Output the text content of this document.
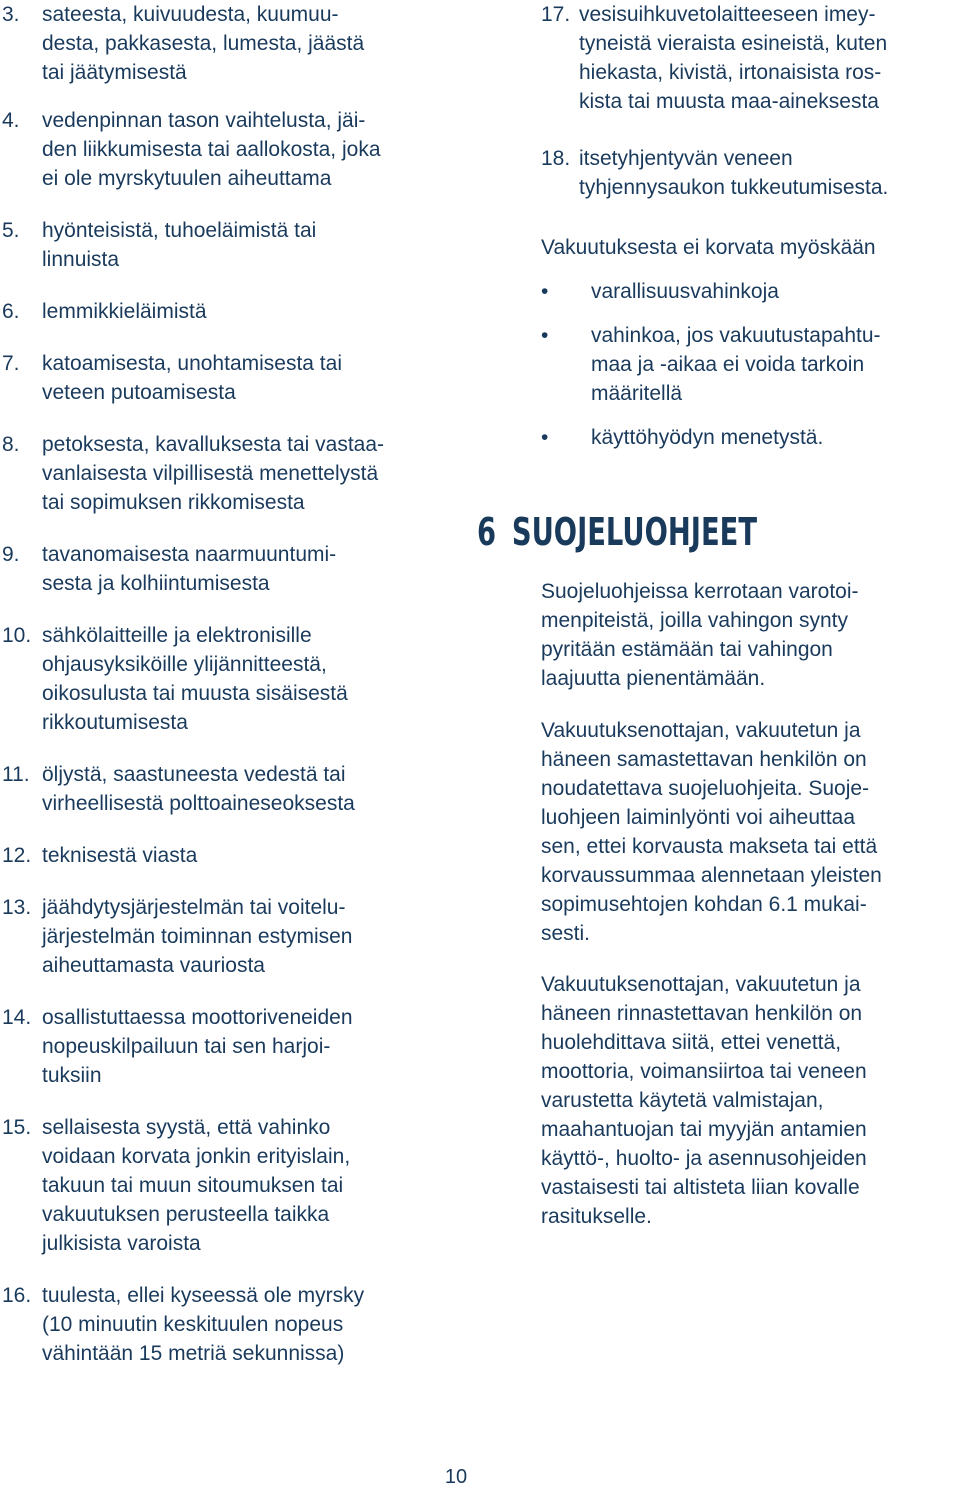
3. sateesta, kuivuudesta, kuumuu-
desta, pakkasesta, lumesta, jäästä
tai jäätymisestä
4. vedenpinnan tason vaihtelusta, jäi-
den liikkumisesta tai aallokosta, joka
ei ole myrskytuulen aiheuttama
5. hyönteisistä, tuhoeläimistä tai
linnuista
6. lemmikkieläimistä
7. katoamisesta, unohtamisesta tai
veteen putoamisesta
8. petoksesta, kavalluksesta tai vastaa-
vanlaisesta vilpillisestä menettelystä
tai sopimuksen rikkomisesta
9. tavanomaisesta naarmuuntumi-
sesta ja kolhiintumisesta
10. sähkölaitteille ja elektronisille
ohjausyksiköille ylijännitteestä,
oikosulusta tai muusta sisäisestä
rikkoutumisesta
11. öljystä, saastuneesta vedestä tai
virheellisestä polttoaineseoksesta
12. teknisestä viasta
13. jäähdytysjärjestelmän tai voitelu-
järjestelmän toiminnan estymisen
aiheuttamasta vauriosta
14. osallistuttaessa moottoriveneiden
nopeuskilpailuun tai sen harjoi-
tuksiin
15. sellaisesta syystä, että vahinko
voidaan korvata jonkin erityislain,
takuun tai muun sitoumuksen tai
vakuutuksen perusteella taikka
julkisista varoista
16. tuulesta, ellei kyseessä ole myrsky
(10 minuutin keskituulen nopeus
vähintään 15 metriä sekunnissa)
17. vesisuihkuvetolaitteeseen imey-
tyneistä vieraista esineistä, kuten
hiekasta, kivistä, irtonaisista ros-
kista tai muusta maa-aineksesta
18. itsetyhjentyvän veneen
tyhjennysaukon tukkeutumisesta.

Vakuutuksesta ei korvata myöskään

• varallisuusvahinkoja
• vahinkoa, jos vakuutustapahtu-
maa ja -aikaa ei voida tarkoin
määritellä
• käyttöhyödyn menetystä.
6 SUOJELUOHJEET

Suojeluohjeissa kerrotaan varotoi-
menpiteistä, joilla vahingon synty
pyritään estämään tai vahingon
laajuutta pienentämään.

Vakuutuksenottajan, vakuutetun ja
häneen samastettavan henkilön on
noudatettava suojeluohjeita. Suoje-
luohjeen laiminlyönti voi aiheuttaa
sen, ettei korvausta makseta tai että
korvaussummaa alennetaan yleisten
sopimusehtojen kohdan 6.1 mukai-
sesti.

Vakuutuksenottajan, vakuutetun ja
häneen rinnastettavan henkilön on
huolehdittava siitä, ettei venettä,
moottoria, voimansiirtoa tai veneen
varustetta käytetä valmistajan,
maahantuojan tai myyjän antamien
käyttö-, huolto- ja asennusohjeiden
vastaisesti tai altisteta liian kovalle
rasitukselle.

10
